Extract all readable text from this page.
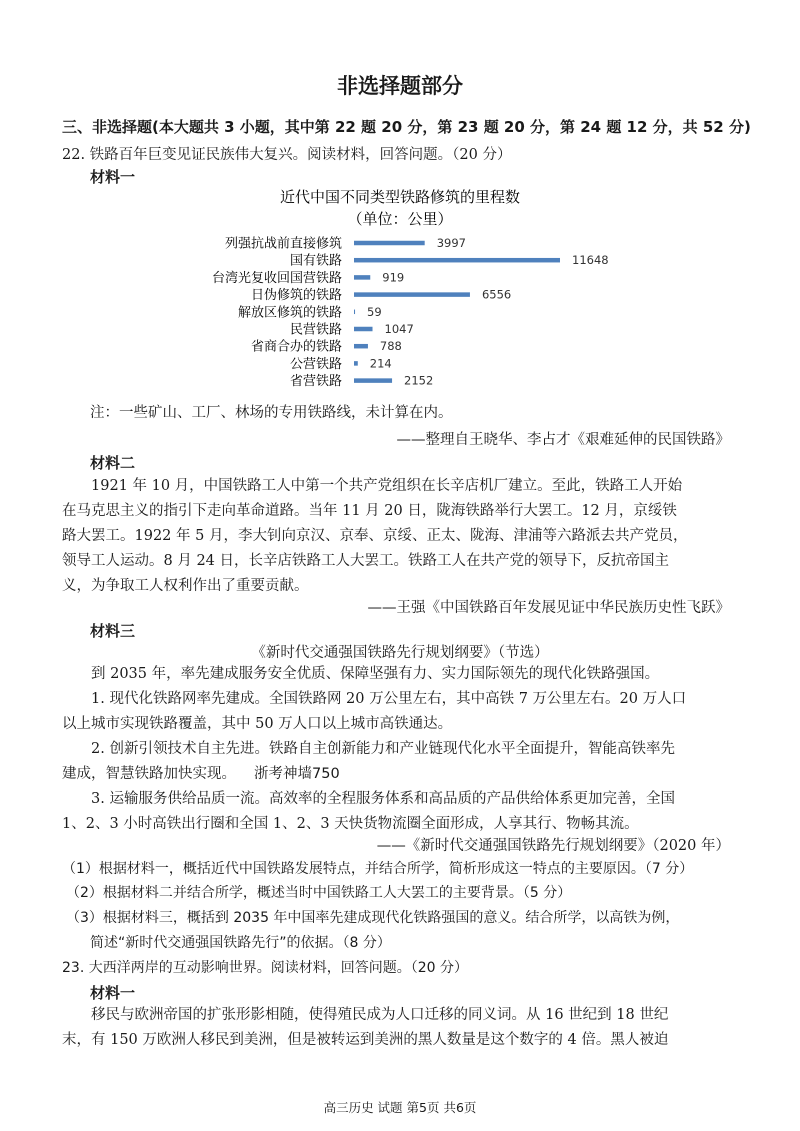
非选择题部分
三、非选择题(本大题共 3 小题，其中第 22 题 20 分，第 23 题 20 分，第 24 题 12 分，共 52 分)
22. 铁路百年巨变见证民族伟大复兴。阅读材料，回答问题。（20 分）
材料一
近代中国不同类型铁路修筑的里程数
（单位：公里）
列强抗战前直接修筑	3997
国有铁路	11648
台湾光复收回国营铁路	919
日伪修筑的铁路	6556
解放区修筑的铁路 59
民营铁路	1047
省商合办的铁路	788
公营铁路 214
省营铁路	2152
注：一些矿山、工厂、林场的专用铁路线，未计算在内。
——整理自王晓华、李占才《艰难延伸的民国铁路》
材料二
　　1921 年 10 月，中国铁路工人中第一个共产党组织在长辛店机厂建立。至此，铁路工人开始
在马克思主义的指引下走向革命道路。当年 11 月 20 日，陇海铁路举行大罢工。12 月，京绥铁
路大罢工。1922 年 5 月，李大钊向京汉、京奉、京绥、正太、陇海、津浦等六路派去共产党员，
领导工人运动。8 月 24 日，长辛店铁路工人大罢工。铁路工人在共产党的领导下，反抗帝国主
义，为争取工人权利作出了重要贡献。
——王强《中国铁路百年发展见证中华民族历史性飞跃》
材料三
《新时代交通强国铁路先行规划纲要》（节选）
　　到 2035 年，率先建成服务安全优质、保障坚强有力、实力国际领先的现代化铁路强国。
　　1. 现代化铁路网率先建成。全国铁路网 20 万公里左右，其中高铁 7 万公里左右。20 万人口
以上城市实现铁路覆盖，其中 50 万人口以上城市高铁通达。
　　2. 创新引领技术自主先进。铁路自主创新能力和产业链现代化水平全面提升，智能高铁率先
建成，智慧铁路加快实现。 浙考神墙750
　　3. 运输服务供给品质一流。高效率的全程服务体系和高品质的产品供给体系更加完善，全国
1、2、3 小时高铁出行圈和全国 1、2、3 天快货物流圈全面形成，人享其行、物畅其流。
——《新时代交通强国铁路先行规划纲要》（2020 年）
（1）根据材料一，概括近代中国铁路发展特点，并结合所学，简析形成这一特点的主要原因。（7 分）
（2）根据材料二并结合所学，概述当时中国铁路工人大罢工的主要背景。（5 分）
（3）根据材料三，概括到 2035 年中国率先建成现代化铁路强国的意义。结合所学，以高铁为例，
简述“新时代交通强国铁路先行”的依据。（8 分）
23. 大西洋两岸的互动影响世界。阅读材料，回答问题。（20 分）
材料一
　　移民与欧洲帝国的扩张形影相随，使得殖民成为人口迁移的同义词。从 16 世纪到 18 世纪
末，有 150 万欧洲人移民到美洲，但是被转运到美洲的黑人数量是这个数字的 4 倍。黑人被迫
高三历史 试题 第5页 共6页
